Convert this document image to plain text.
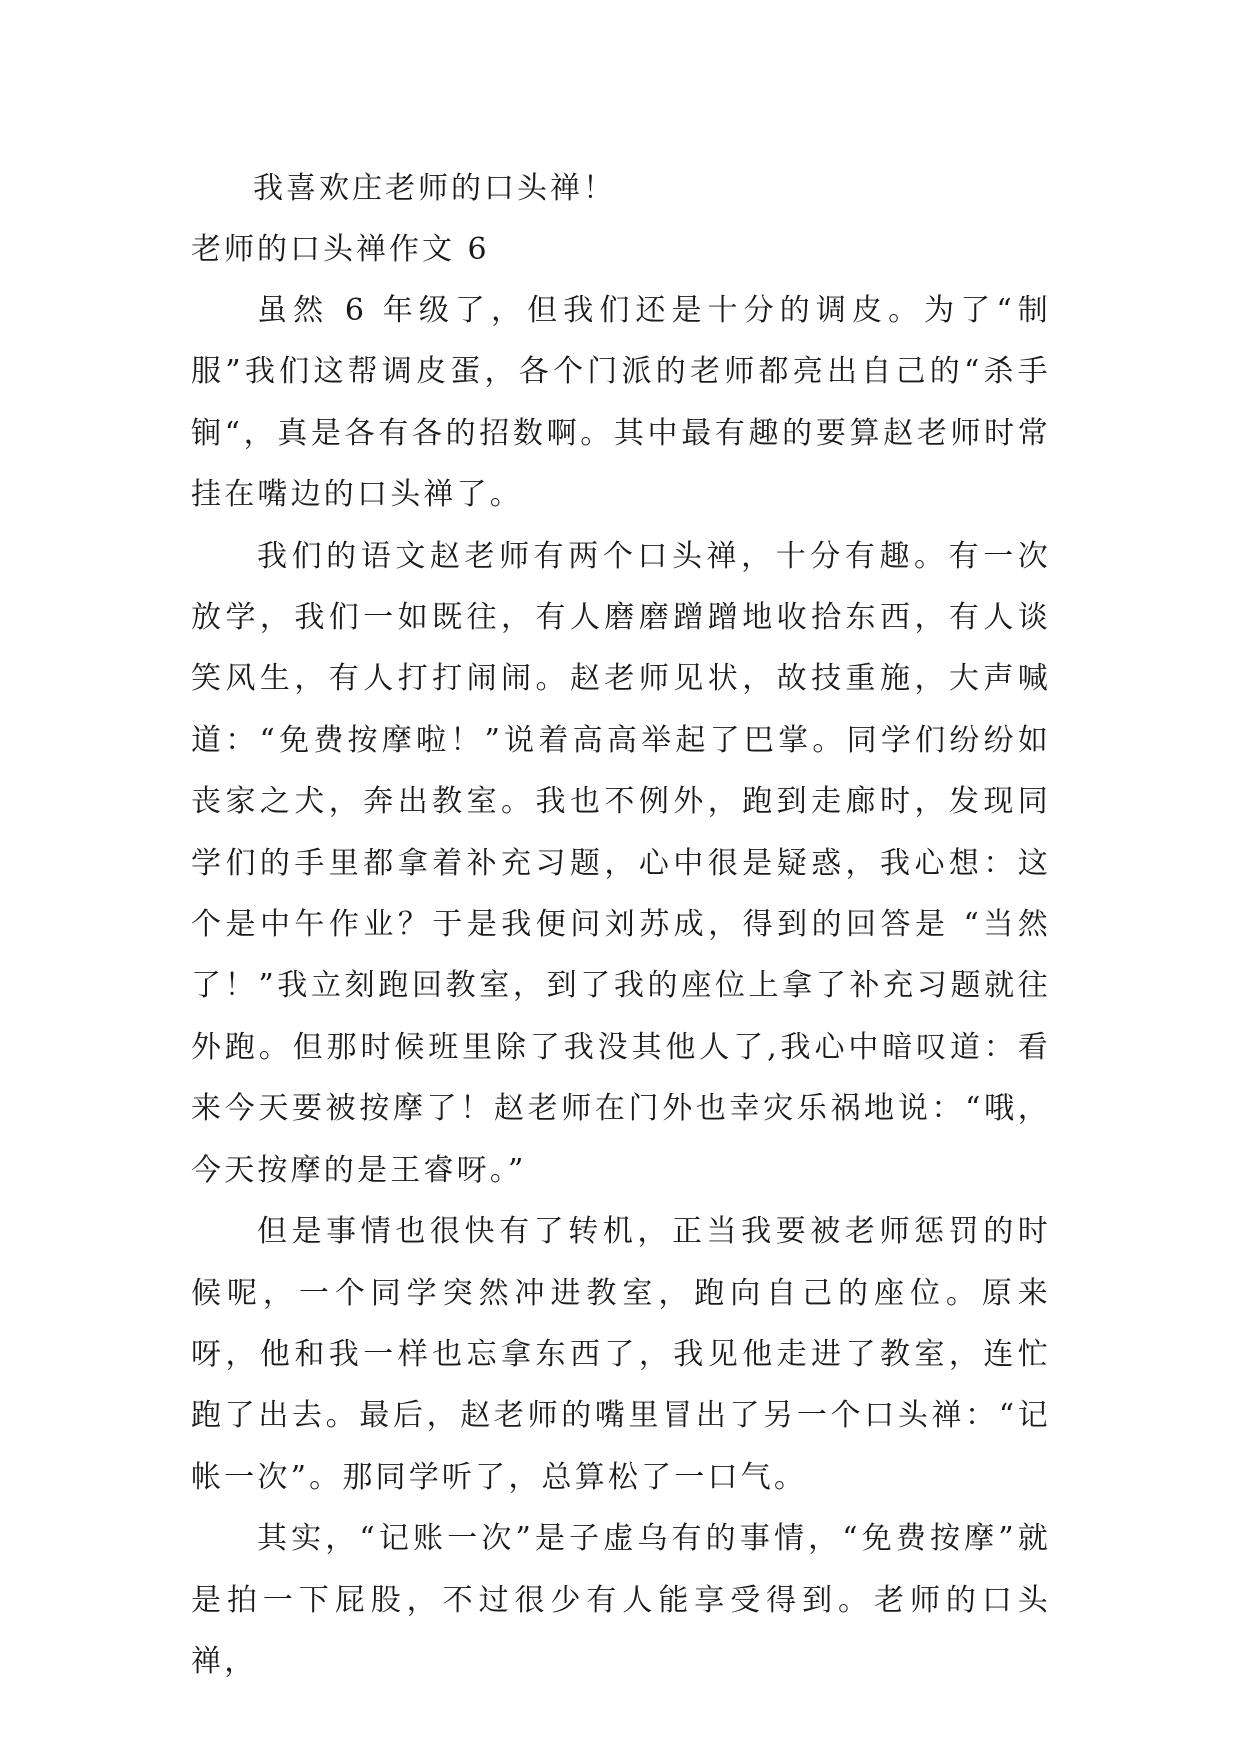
我喜欢庄老师的口头禅！

老师的口头禅作文 6

虽然 6 年级了，但我们还是十分的调皮。为了“制服”我们这帮调皮蛋，各个门派的老师都亮出自己的“杀手锏“，真是各有各的招数啊。其中最有趣的要算赵老师时常挂在嘴边的口头禅了。

我们的语文赵老师有两个口头禅，十分有趣。有一次放学，我们一如既往，有人磨磨蹭蹭地收拾东西，有人谈笑风生，有人打打闹闹。赵老师见状，故技重施，大声喊道：“免费按摩啦！”说着高高举起了巴掌。同学们纷纷如丧家之犬，奔出教室。我也不例外，跑到走廊时，发现同学们的手里都拿着补充习题，心中很是疑惑，我心想：这个是中午作业？于是我便问刘苏成，得到的回答是 “当然了！”我立刻跑回教室，到了我的座位上拿了补充习题就往外跑。但那时候班里除了我没其他人了,我心中暗叹道：看来今天要被按摩了！赵老师在门外也幸灾乐祸地说：“哦，今天按摩的是王睿呀。”

但是事情也很快有了转机，正当我要被老师惩罚的时候呢，一个同学突然冲进教室，跑向自己的座位。原来呀，他和我一样也忘拿东西了，我见他走进了教室，连忙跑了出去。最后，赵老师的嘴里冒出了另一个口头禅：“记帐一次”。那同学听了，总算松了一口气。

其实，“记账一次”是子虚乌有的事情，“免费按摩”就是拍一下屁股，不过很少有人能享受得到。老师的口头禅，
